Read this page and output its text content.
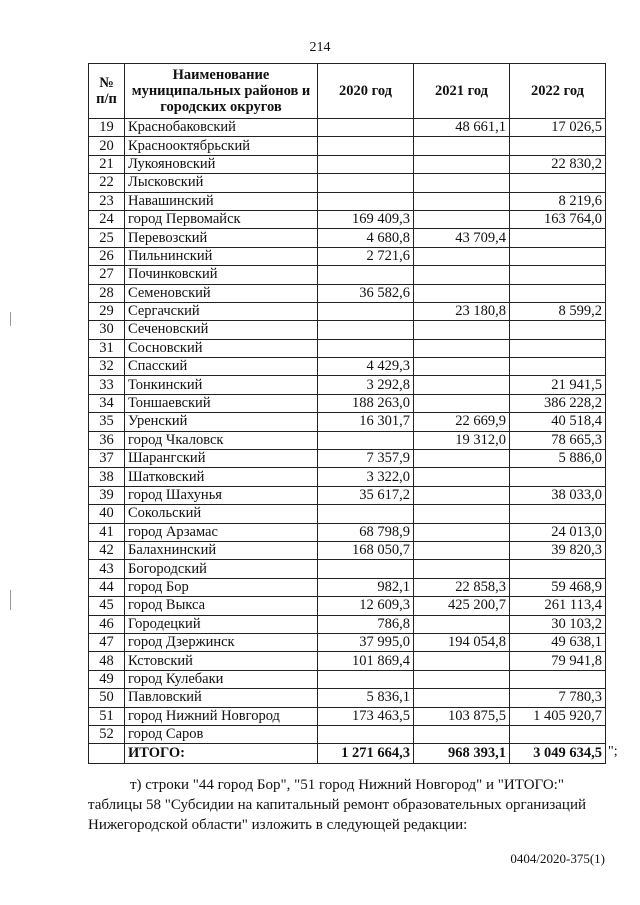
214
№ п/п	Наименование муниципальных районов и городских округов	2020 год	2021 год	2022 год
19	Краснобаковский		48 661,1	17 026,5
20	Краснооктябрьский			
21	Лукояновский			22 830,2
22	Лысковский			
23	Навашинский			8 219,6
24	город Первомайск	169 409,3		163 764,0
25	Перевозский	4 680,8	43 709,4	
26	Пильнинский	2 721,6		
27	Починковский			
28	Семеновский	36 582,6		
29	Сергачский		23 180,8	8 599,2
30	Сеченовский			
31	Сосновский			
32	Спасский	4 429,3		
33	Тонкинский	3 292,8		21 941,5
34	Тоншаевский	188 263,0		386 228,2
35	Уренский	16 301,7	22 669,9	40 518,4
36	город Чкаловск		19 312,0	78 665,3
37	Шарангский	7 357,9		5 886,0
38	Шатковский	3 322,0		
39	город Шахунья	35 617,2		38 033,0
40	Сокольский			
41	город Арзамас	68 798,9		24 013,0
42	Балахнинский	168 050,7		39 820,3
43	Богородский			
44	город Бор	982,1	22 858,3	59 468,9
45	город Выкса	12 609,3	425 200,7	261 113,4
46	Городецкий	786,8		30 103,2
47	город Дзержинск	37 995,0	194 054,8	49 638,1
48	Кстовский	101 869,4		79 941,8
49	город Кулебаки			
50	Павловский	5 836,1		7 780,3
51	город Нижний Новгород	173 463,5	103 875,5	1 405 920,7
52	город Саров			
	ИТОГО:	1 271 664,3	968 393,1	3 049 634,5 ";
т) строки "44 город Бор", "51 город Нижний Новгород" и "ИТОГО:" таблицы 58 "Субсидии на капитальный ремонт образовательных организаций Нижегородской области" изложить в следующей редакции:
0404/2020-375(1)
